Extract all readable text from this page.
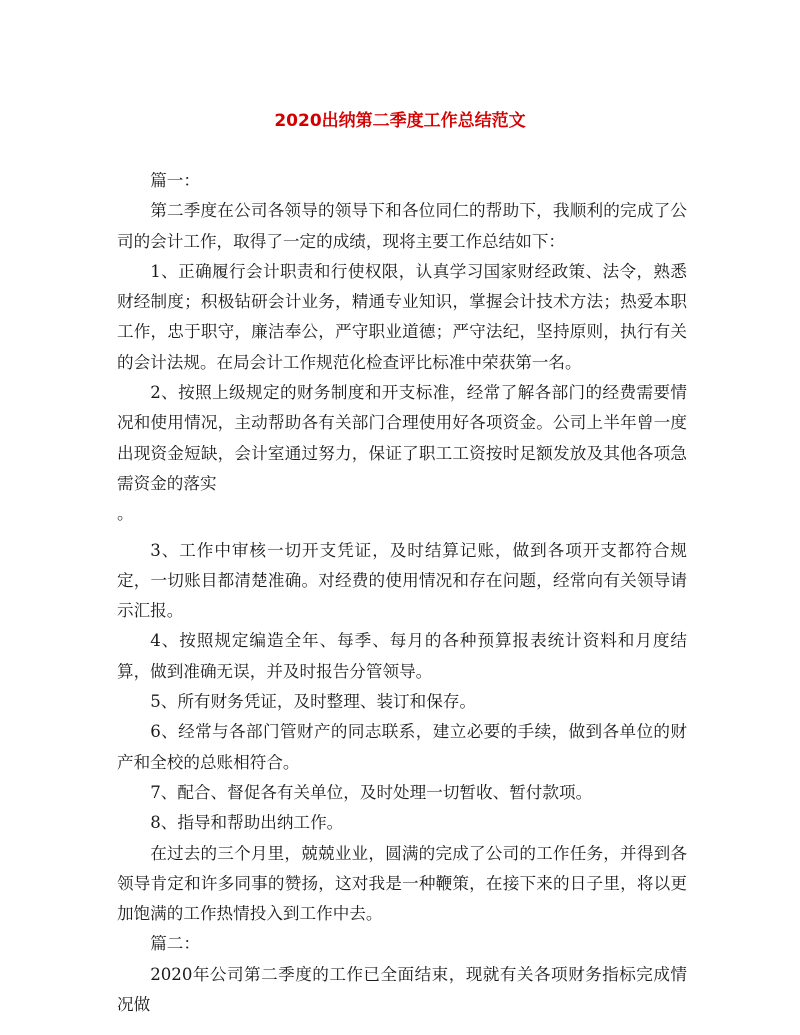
2020出纳第二季度工作总结范文

篇一：

第二季度在公司各领导的领导下和各位同仁的帮助下，我顺利的完成了公司的会计工作，取得了一定的成绩，现将主要工作总结如下：

1、正确履行会计职责和行使权限，认真学习国家财经政策、法令，熟悉财经制度；积极钻研会计业务，精通专业知识，掌握会计技术方法；热爱本职工作，忠于职守，廉洁奉公，严守职业道德；严守法纪，坚持原则，执行有关的会计法规。在局会计工作规范化检查评比标准中荣获第一名。

2、按照上级规定的财务制度和开支标准，经常了解各部门的经费需要情况和使用情况，主动帮助各有关部门合理使用好各项资金。公司上半年曾一度出现资金短缺，会计室通过努力，保证了职工工资按时足额发放及其他各项急需资金的落实

。

3、工作中审核一切开支凭证，及时结算记账，做到各项开支都符合规定，一切账目都清楚准确。对经费的使用情况和存在问题，经常向有关领导请示汇报。

4、按照规定编造全年、每季、每月的各种预算报表统计资料和月度结算，做到准确无误，并及时报告分管领导。

5、所有财务凭证，及时整理、装订和保存。

6、经常与各部门管财产的同志联系，建立必要的手续，做到各单位的财产和全校的总账相符合。

7、配合、督促各有关单位，及时处理一切暂收、暂付款项。

8、指导和帮助出纳工作。

在过去的三个月里，兢兢业业，圆满的完成了公司的工作任务，并得到各领导肯定和许多同事的赞扬，这对我是一种鞭策，在接下来的日子里，将以更加饱满的工作热情投入到工作中去。

篇二：

2020年公司第二季度的工作已全面结束，现就有关各项财务指标完成情况做
